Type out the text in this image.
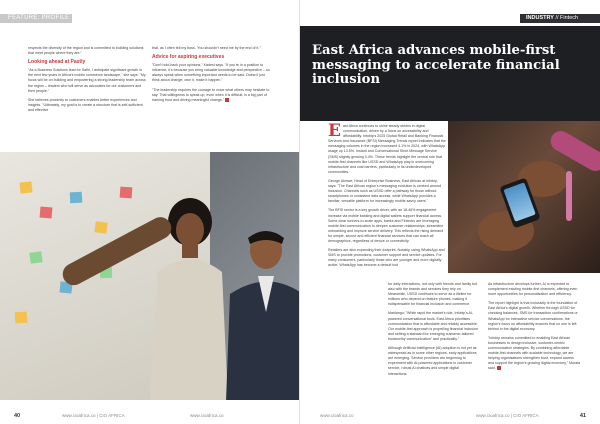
FEATURE: PROFILE

respects the diversity of the region and is committed to building solutions that meet people where they are."

Looking ahead at Pastly

"As a Business Solutions lead for Safiri, I anticipate significant growth in the next few years in Africa's mobile commerce landscape," she says. "My focus will be on building and empowering a strong leadership team across the region – leaders who will serve as advocates for our customers and their people."

She believes proximity to customers enables better experiences and insights. "Ultimately, my goal is to create a structure that is self-sufficient and effective

that, as I often tell my boss, 'You shouldn't need me by the end of it.'"

Advice for aspiring executives

"Don't hold back your opinions," Kadesi says. "If you're in a position to influence, it's because you bring valuable knowledge and perspective – so always speak when something important needs to be said. Doesn't just think about change; own it, make it happen."

"The leadership requires the courage to voice what others may hesitate to say. That willingness to speak up, even when it is difficult, is a big part of earning trust and driving meaningful change."

40	www.cioafrica.co | CIO AFRICA	www.cioafrica.co
INDUSTRY // Fintech
East Africa advances mobile-first messaging to accelerate financial inclusion

East Africa continues to shine steady strides in digital communication, driven by a focus on accessibility and affordability. Infobip's 2025 Global Retail and Banking Financial Services and Insurance (BFSI) Messaging Trends report indicates that the messaging volumes in the region increased 4.1% in 2024, with WhatsApp usage up 13.5%. Instant and Conversational Short Message Service (SMS) slightly growing 0.4%. These trends highlight the central role that mobile-first channels like USSD and WhatsApp play in overcoming infrastructure and cost barriers, particularly in its underdeveloped communities.

George Akinwe, Head of Enterprise Business, East African at Infobip, says: "The East African region's messaging evolution is centred around inclusion. Channels such as USSD offer a pathway for those without smartphones or consistent data access, while WhatsApp provides a familiar, versatile platform for increasingly mobile-savvy users."

The BFSI sector is a key growth driver, with an 18.46% engagement increase via mobile banking and digital wallets support financial access. Some clear runners-to-scale apps, banks and Fintechs are leveraging mobile-first communication to deepen customer relationships, streamline onboarding and improve service delivery. This reflects the rising demand for simple, secure and efficient financial services that can reach all demographics, regardless of device or connectivity.

Retailers are also expanding their footprint. Notably, using WhatsApp and SMS to provide promotions, customer support and service updates. For many consumers, particularly those who are younger and more digitally active, WhatsApp has become a default tool

for daily interactions, not only with friends and family but also with the brands and services they rely on. Meanwhile, USSD continues to serve as a lifeline for millions who depend on feature phones, making it indispensable for financial inclusion and commerce.

Mahlangu: "While rapid the market's ride, Infobip's AI-powered conversational tools. East Africa prioritises communication that is affordable and reliably accessible. Our mobile-first approach is propelling financial inclusion and setting a standard for emerging customer-tailored trustworthy communication" and practicality."

Although Artificial Intelligence (AI) adoption is not yet as widespread as in some other regions, early applications are emerging. Service providers are beginning to experiment with AI-powered applications in customer service, robust AI chatbots and simple digital interactions.

As infrastructure develops further, AI is expected to complement existing mobile-first channels, offering even more opportunities for personalisation and efficiency.

The report highlight is that inclusivity is the foundation of East Africa's digital growth. Whether through USSD for checking balances, SMS for transaction confirmations or WhatsApp for interactive service conversations, the region's focus on affordability ensures that no one is left behind in the digital economy.

"Infobip remains committed to enabling East African businesses to design inclusive, customer-centric communication strategies. By combining affordable mobile-first channels with scalable technology, we are helping organisations strengthen trust, expand access and support the region's growing digital economy," Muraia said.

www.cioafrica.co	www.cioafrica.co | CIO AFRICA	41
